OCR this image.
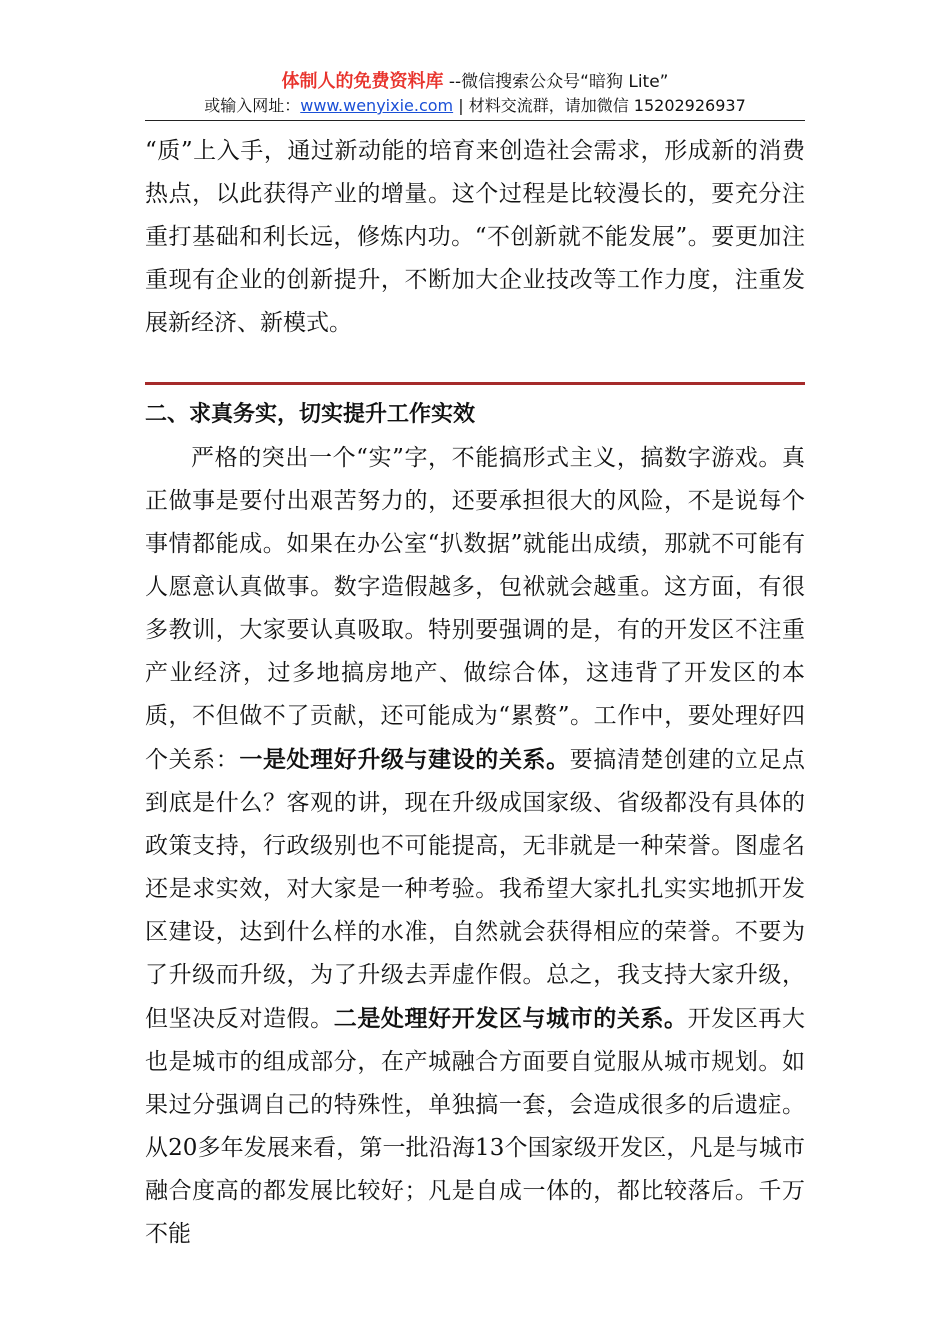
体制人的免费资料库 --微信搜索公众号“暗狗 Lite”
或输入网址：www.wenyixie.com | 材料交流群，请加微信 15202926937

“质”上入手，通过新动能的培育来创造社会需求，形成新的消费热点，以此获得产业的增量。这个过程是比较漫长的，要充分注重打基础和利长远，修炼内功。“不创新就不能发展”。要更加注重现有企业的创新提升，不断加大企业技改等工作力度，注重发展新经济、新模式。

二、求真务实，切实提升工作实效

严格的突出一个“实”字，不能搞形式主义，搞数字游戏。真正做事是要付出艰苦努力的，还要承担很大的风险，不是说每个事情都能成。如果在办公室“扒数据”就能出成绩，那就不可能有人愿意认真做事。数字造假越多，包袱就会越重。这方面，有很多教训，大家要认真吸取。特别要强调的是，有的开发区不注重产业经济，过多地搞房地产、做综合体，这违背了开发区的本质，不但做不了贡献，还可能成为“累赘”。工作中，要处理好四个关系：一是处理好升级与建设的关系。要搞清楚创建的立足点到底是什么？客观的讲，现在升级成国家级、省级都没有具体的政策支持，行政级别也不可能提高，无非就是一种荣誉。图虚名还是求实效，对大家是一种考验。我希望大家扎扎实实地抓开发区建设，达到什么样的水准，自然就会获得相应的荣誉。不要为了升级而升级，为了升级去弄虚作假。总之，我支持大家升级，但坚决反对造假。二是处理好开发区与城市的关系。开发区再大也是城市的组成部分，在产城融合方面要自觉服从城市规划。如果过分强调自己的特殊性，单独搞一套，会造成很多的后遗症。从20多年发展来看，第一批沿海13个国家级开发区，凡是与城市融合度高的都发展比较好；凡是自成一体的，都比较落后。千万不能
